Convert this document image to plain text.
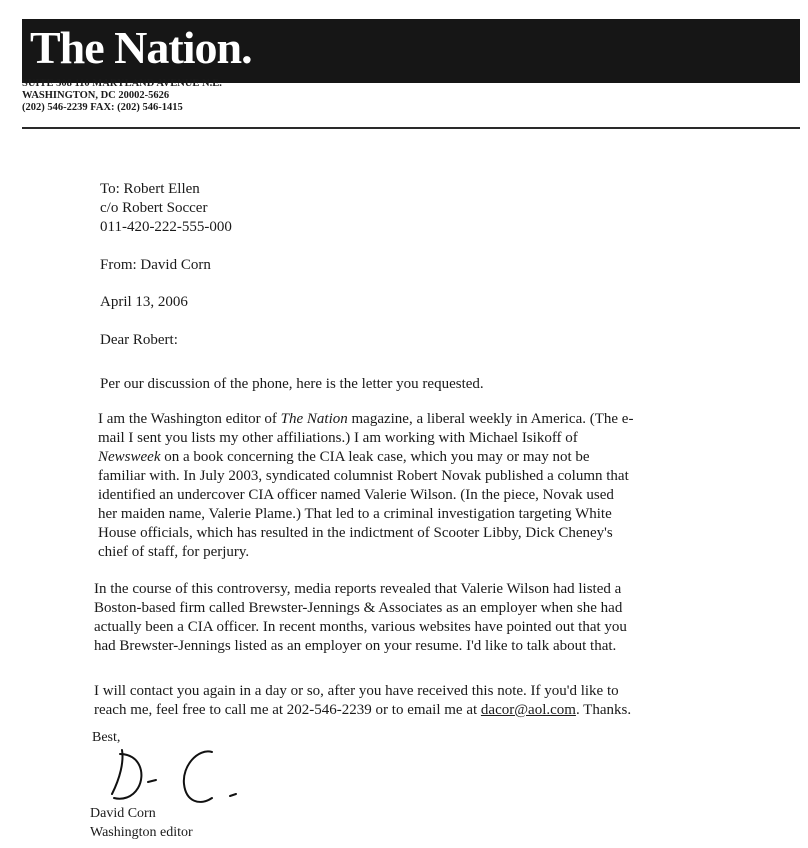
The Nation.
SUITE 308 110 MARYLAND AVENUE N.E.
WASHINGTON, DC 20002-5626
(202) 546-2239 FAX: (202) 546-1415
To: Robert Ellen
c/o Robert Soccer
011-420-222-555-000
From: David Corn
April 13, 2006
Dear Robert:
Per our discussion of the phone, here is the letter you requested.
I am the Washington editor of The Nation magazine, a liberal weekly in America. (The e-
mail I sent you lists my other affiliations.) I am working with Michael Isikoff of
Newsweek on a book concerning the CIA leak case, which you may or may not be
familiar with. In July 2003, syndicated columnist Robert Novak published a column that
identified an undercover CIA officer named Valerie Wilson. (In the piece, Novak used
her maiden name, Valerie Plame.) That led to a criminal investigation targeting White
House officials, which has resulted in the indictment of Scooter Libby, Dick Cheney's
chief of staff, for perjury.
In the course of this controversy, media reports revealed that Valerie Wilson had listed a
Boston-based firm called Brewster-Jennings & Associates as an employer when she had
actually been a CIA officer. In recent months, various websites have pointed out that you
had Brewster-Jennings listed as an employer on your resume. I'd like to talk about that.
I will contact you again in a day or so, after you have received this note. If you'd like to
reach me, feel free to call me at 202-546-2239 or to email me at dacor@aol.com. Thanks.
Best,
David Corn
Washington editor
